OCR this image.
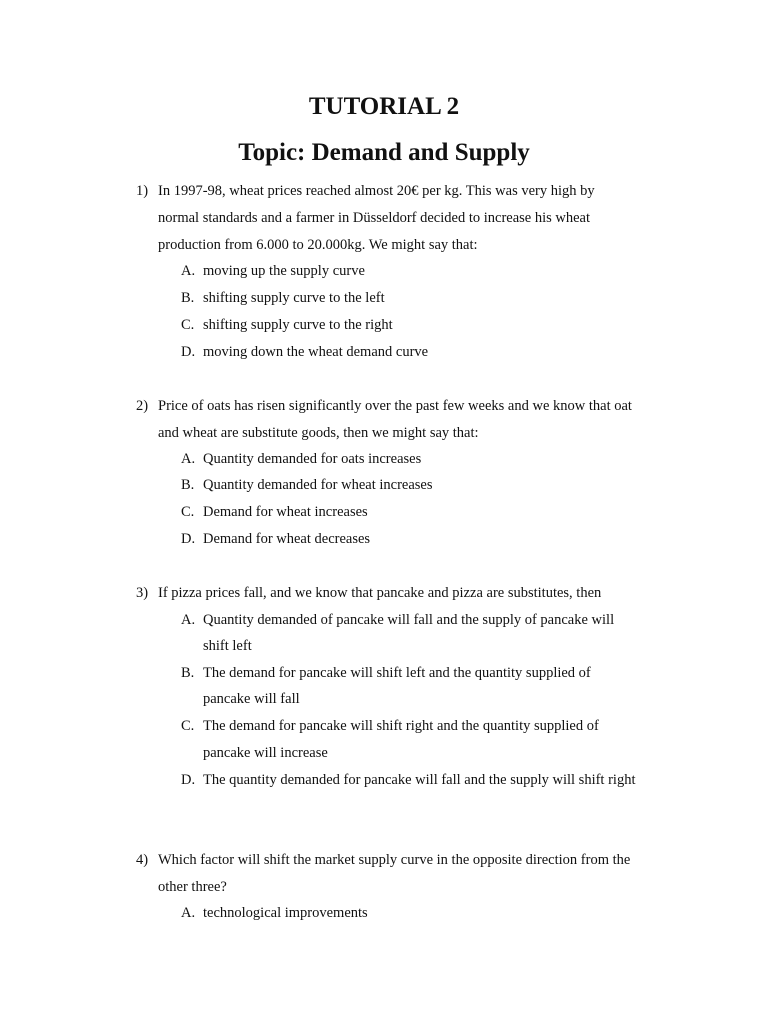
TUTORIAL 2
Topic: Demand and Supply
1) In 1997-98, wheat prices reached almost 20€ per kg. This was very high by
normal standards and a farmer in Düsseldorf decided to increase his wheat
production from 6.000 to 20.000kg. We might say that:
A. moving up the supply curve
B. shifting supply curve to the left
C. shifting supply curve to the right
D. moving down the wheat demand curve
2) Price of oats has risen significantly over the past few weeks and we know that oat
and wheat are substitute goods, then we might say that:
A. Quantity demanded for oats increases
B. Quantity demanded for wheat increases
C. Demand for wheat increases
D. Demand for wheat decreases
3) If pizza prices fall, and we know that pancake and pizza are substitutes, then
A. Quantity demanded of pancake will fall and the supply of pancake will
shift left
B. The demand for pancake will shift left and the quantity supplied of
pancake will fall
C. The demand for pancake will shift right and the quantity supplied of
pancake will increase
D. The quantity demanded for pancake will fall and the supply will shift right
4) Which factor will shift the market supply curve in the opposite direction from the
other three?
A. technological improvements
